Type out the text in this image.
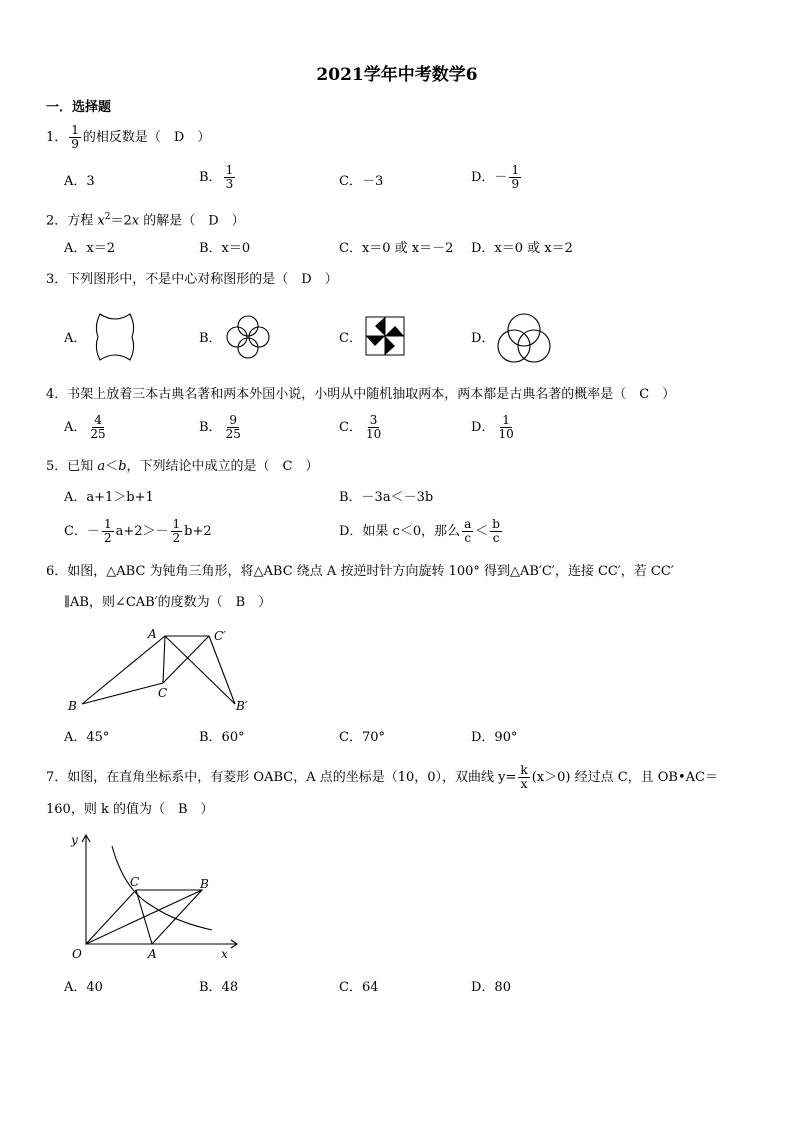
2021学年中考数学6
一．选择题
1． $\frac{1}{9}$ 的相反数是（　D　）
A．3	B． $\frac{1}{3}$	C．－3	D．－ $\frac{1}{9}$
2．方程 $x^2=2x$ 的解是（　D　）
A．x＝2	B．x＝0	C．x＝0 或 x＝－2 D．x＝0 或 x＝2
3．下列图形中，不是中心对称图形的是（　D　）
A．	B．	C．	D．
4．书架上放着三本古典名著和两本外国小说，小明从中随机抽取两本，两本都是古典名著的概率是（　C　）
A． $\frac{4}{25}$	B． $\frac{9}{25}$	C． $\frac{3}{10}$	D． $\frac{1}{10}$
5．已知 a＜b，下列结论中成立的是（　C　）
A．a+1＞b+1	B．－3a＜－3b
C．－ $\frac{1}{2} a+2>- \frac{1}{2} b+2$	D．如果 c＜0，那么 $\frac{a}{c} < \frac{b}{c}$
6．如图，△ABC 为钝角三角形，将△ABC 绕点 A 按逆时针方向旋转 100° 得到△AB′C′，连接 CC′，若 CC′
∥AB，则∠CAB′的度数为（　B　）
A	C′
C
B	B′
A．45°	B．60°	C．70°	D．90°
7．如图，在直角坐标系中，有菱形 OABC，A 点的坐标是（10，0），双曲线 $y= \frac{k}{x} (x>0)$ 经过点 C，且 OB•AC＝
160，则 k 的值为（　B　）
y
C	B
O	A	x
A．40	B．48	C．64	D．80
